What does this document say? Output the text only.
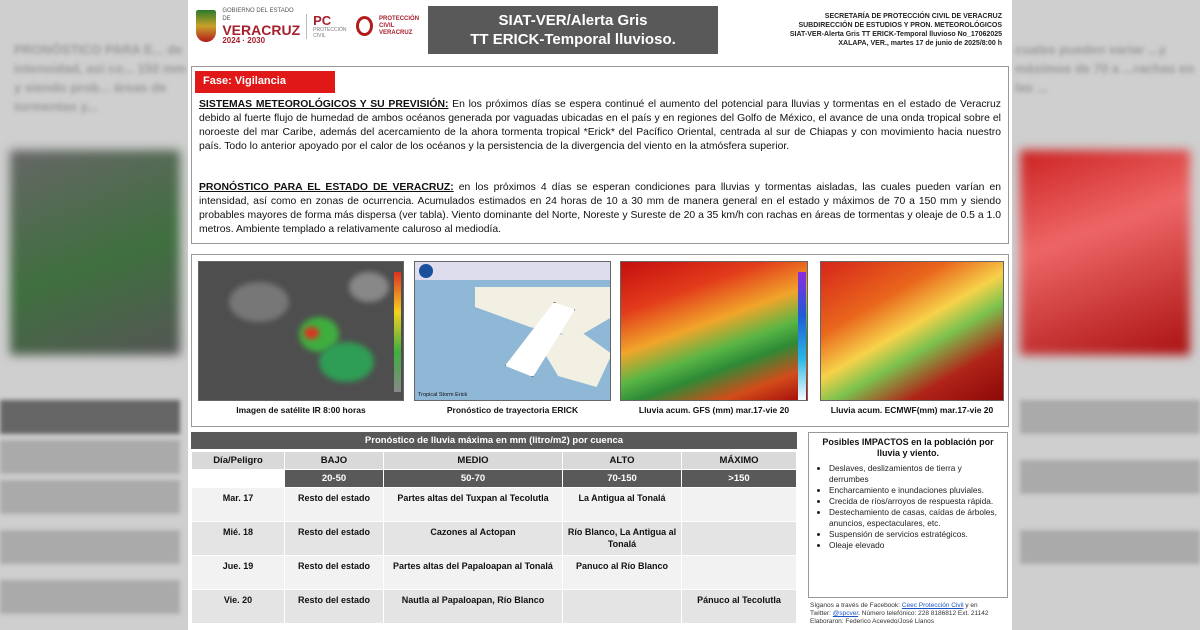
PRONÓSTICO PARA E... de intensidad, así co... 150 mm y siendo prob... áreas de tormentas y...
cuales pueden variar ...y máximos de 70 a ...rachas en las ...
GOBIERNO DEL ESTADO DE
VERACRUZ
2024 · 2030
PC
PROTECCIÓN CIVIL
PROTECCIÓN CIVIL VERACRUZ
SIAT-VER/Alerta Gris
TT ERICK-Temporal lluvioso.
SECRETARÍA DE PROTECCIÓN CIVIL DE VERACRUZ
SUBDIRECCIÓN DE ESTUDIOS Y PRON. METEOROLÓGICOS
SIAT-VER-Alerta Gris TT ERICK-Temporal lluvioso No_17062025
XALAPA, VER., martes 17 de junio de 2025/8:00 h
Fase: Vigilancia
SISTEMAS METEOROLÓGICOS Y SU PREVISIÓN: En los próximos días se espera continué el aumento del potencial para lluvias y tormentas en el estado de Veracruz debido al fuerte flujo de humedad de ambos océanos generada por vaguadas ubicadas en el país y en regiones del Golfo de México, el avance de una onda tropical sobre el noroeste del mar Caribe, además del acercamiento de la ahora tormenta tropical *Erick* del Pacífico Oriental, centrada al sur de Chiapas y con movimiento hacia nuestro país. Todo lo anterior apoyado por el calor de los océanos y la persistencia de la divergencia del viento en la atmósfera superior.
PRONÓSTICO PARA EL ESTADO DE VERACRUZ: en los próximos 4 días se esperan condiciones para lluvias y tormentas aisladas, las cuales pueden varían en intensidad, así como en zonas de ocurrencia. Acumulados estimados en 24 horas de 10 a 30 mm de manera general en el estado y máximos de 70 a 150 mm y siendo probables mayores de forma más dispersa (ver tabla). Viento dominante del Norte, Noreste y Sureste de 20 a 35 km/h con rachas en áreas de tormentas y oleaje de 0.5 a 1.0 metros. Ambiente templado a relativamente caluroso al mediodía.
Imagen de satélite IR 8:00 horas
Tropical Storm Erick
Pronóstico de trayectoria ERICK	Lluvia acum. GFS (mm) mar.17-vie 20	Lluvia acum. ECMWF(mm) mar.17-vie 20
Pronóstico de lluvia máxima en mm (litro/m2) por cuenca
Día/Peligro	BAJO	MEDIO	ALTO	MÁXIMO
	20-50	50-70	70-150	>150
Mar. 17	Resto del estado	Partes altas del Tuxpan al Tecolutla	La Antigua al Tonalá	
Mié. 18	Resto del estado	Cazones al Actopan	Río Blanco, La Antigua al Tonalá	
Jue. 19	Resto del estado	Partes altas del Papaloapan al Tonalá	Panuco al Río Blanco	
Vie. 20	Resto del estado	Nautla al Papaloapan, Río Blanco		Pánuco al Tecolutla
Posibles IMPACTOS en la población por lluvia y viento.
• Deslaves, deslizamientos de tierra y derrumbes
• Encharcamiento e inundaciones pluviales.
• Crecida de ríos/arroyos de respuesta rápida.
• Destechamiento de casas, caídas de árboles, anuncios, espectaculares, etc.
• Suspensión de servicios estratégicos.
• Oleaje elevado
Síganos a través de Facebook: Ceec Protección Civil y en
Twitter: @spcver. Número telefónico: 228 8186812 Ext. 21142
Elaboraron: Federico Acevedo/José Llanos
